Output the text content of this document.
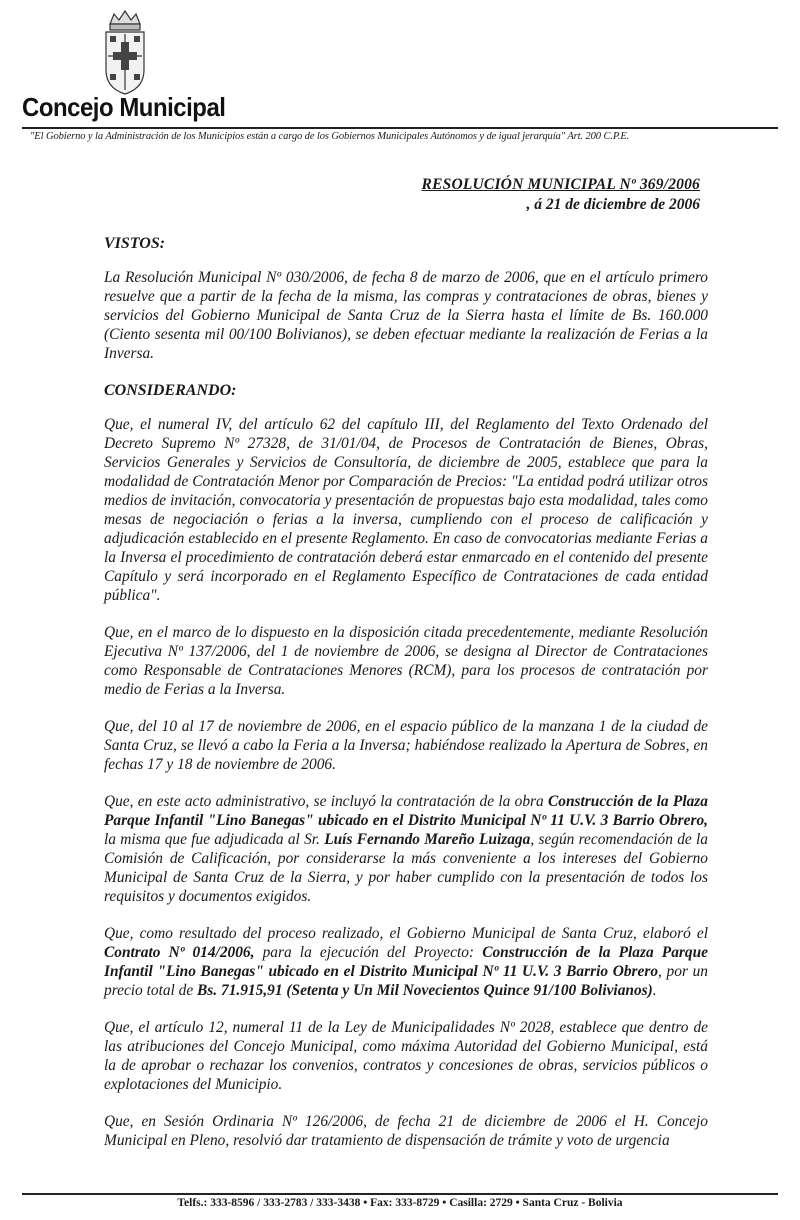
Concejo Municipal

"El Gobierno y la Administración de los Municipios están a cargo de los Gobiernos Municipales Autónomos y de igual jerarquía" Art. 200 C.P.E.

RESOLUCIÓN MUNICIPAL Nº 369/2006

, á 21 de diciembre de 2006

VISTOS:

La Resolución Municipal Nº 030/2006, de fecha 8 de marzo de 2006, que en el artículo primero resuelve que a partir de la fecha de la misma, las compras y contrataciones de obras, bienes y servicios del Gobierno Municipal de Santa Cruz de la Sierra hasta el límite de Bs. 160.000 (Ciento sesenta mil 00/100 Bolivianos), se deben efectuar mediante la realización de Ferias a la Inversa.

CONSIDERANDO:

Que, el numeral IV, del artículo 62 del capítulo III, del Reglamento del Texto Ordenado del Decreto Supremo Nº 27328, de 31/01/04, de Procesos de Contratación de Bienes, Obras, Servicios Generales y Servicios de Consultoría, de diciembre de 2005, establece que para la modalidad de Contratación Menor por Comparación de Precios: "La entidad podrá utilizar otros medios de invitación, convocatoria y presentación de propuestas bajo esta modalidad, tales como mesas de negociación o ferias a la inversa, cumpliendo con el proceso de calificación y adjudicación establecido en el presente Reglamento. En caso de convocatorias mediante Ferias a la Inversa el procedimiento de contratación deberá estar enmarcado en el contenido del presente Capítulo y será incorporado en el Reglamento Específico de Contrataciones de cada entidad pública".

Que, en el marco de lo dispuesto en la disposición citada precedentemente, mediante Resolución Ejecutiva Nº 137/2006, del 1 de noviembre de 2006, se designa al Director de Contrataciones como Responsable de Contrataciones Menores (RCM), para los procesos de contratación por medio de Ferias a la Inversa.

Que, del 10 al 17 de noviembre de 2006, en el espacio público de la manzana 1 de la ciudad de Santa Cruz, se llevó a cabo la Feria a la Inversa; habiéndose realizado la Apertura de Sobres, en fechas 17 y 18 de noviembre de 2006.

Que, en este acto administrativo, se incluyó la contratación de la obra Construcción de la Plaza Parque Infantil "Lino Banegas" ubicado en el Distrito Municipal Nº 11 U.V. 3 Barrio Obrero, la misma que fue adjudicada al Sr. Luís Fernando Mareño Luizaga, según recomendación de la Comisión de Calificación, por considerarse la más conveniente a los intereses del Gobierno Municipal de Santa Cruz de la Sierra, y por haber cumplido con la presentación de todos los requisitos y documentos exigidos.

Que, como resultado del proceso realizado, el Gobierno Municipal de Santa Cruz, elaboró el Contrato Nº 014/2006, para la ejecución del Proyecto: Construcción de la Plaza Parque Infantil "Lino Banegas" ubicado en el Distrito Municipal Nº 11 U.V. 3 Barrio Obrero, por un precio total de Bs. 71.915,91 (Setenta y Un Mil Novecientos Quince 91/100 Bolivianos).

Que, el artículo 12, numeral 11 de la Ley de Municipalidades Nº 2028, establece que dentro de las atribuciones del Concejo Municipal, como máxima Autoridad del Gobierno Municipal, está la de aprobar o rechazar los convenios, contratos y concesiones de obras, servicios públicos o explotaciones del Municipio.

Que, en Sesión Ordinaria Nº 126/2006, de fecha 21 de diciembre de 2006 el H. Concejo Municipal en Pleno, resolvió dar tratamiento de dispensación de trámite y voto de urgencia

Telfs.: 333-8596 / 333-2783 / 333-3438 • Fax: 333-8729 • Casilla: 2729 • Santa Cruz - Bolivia
